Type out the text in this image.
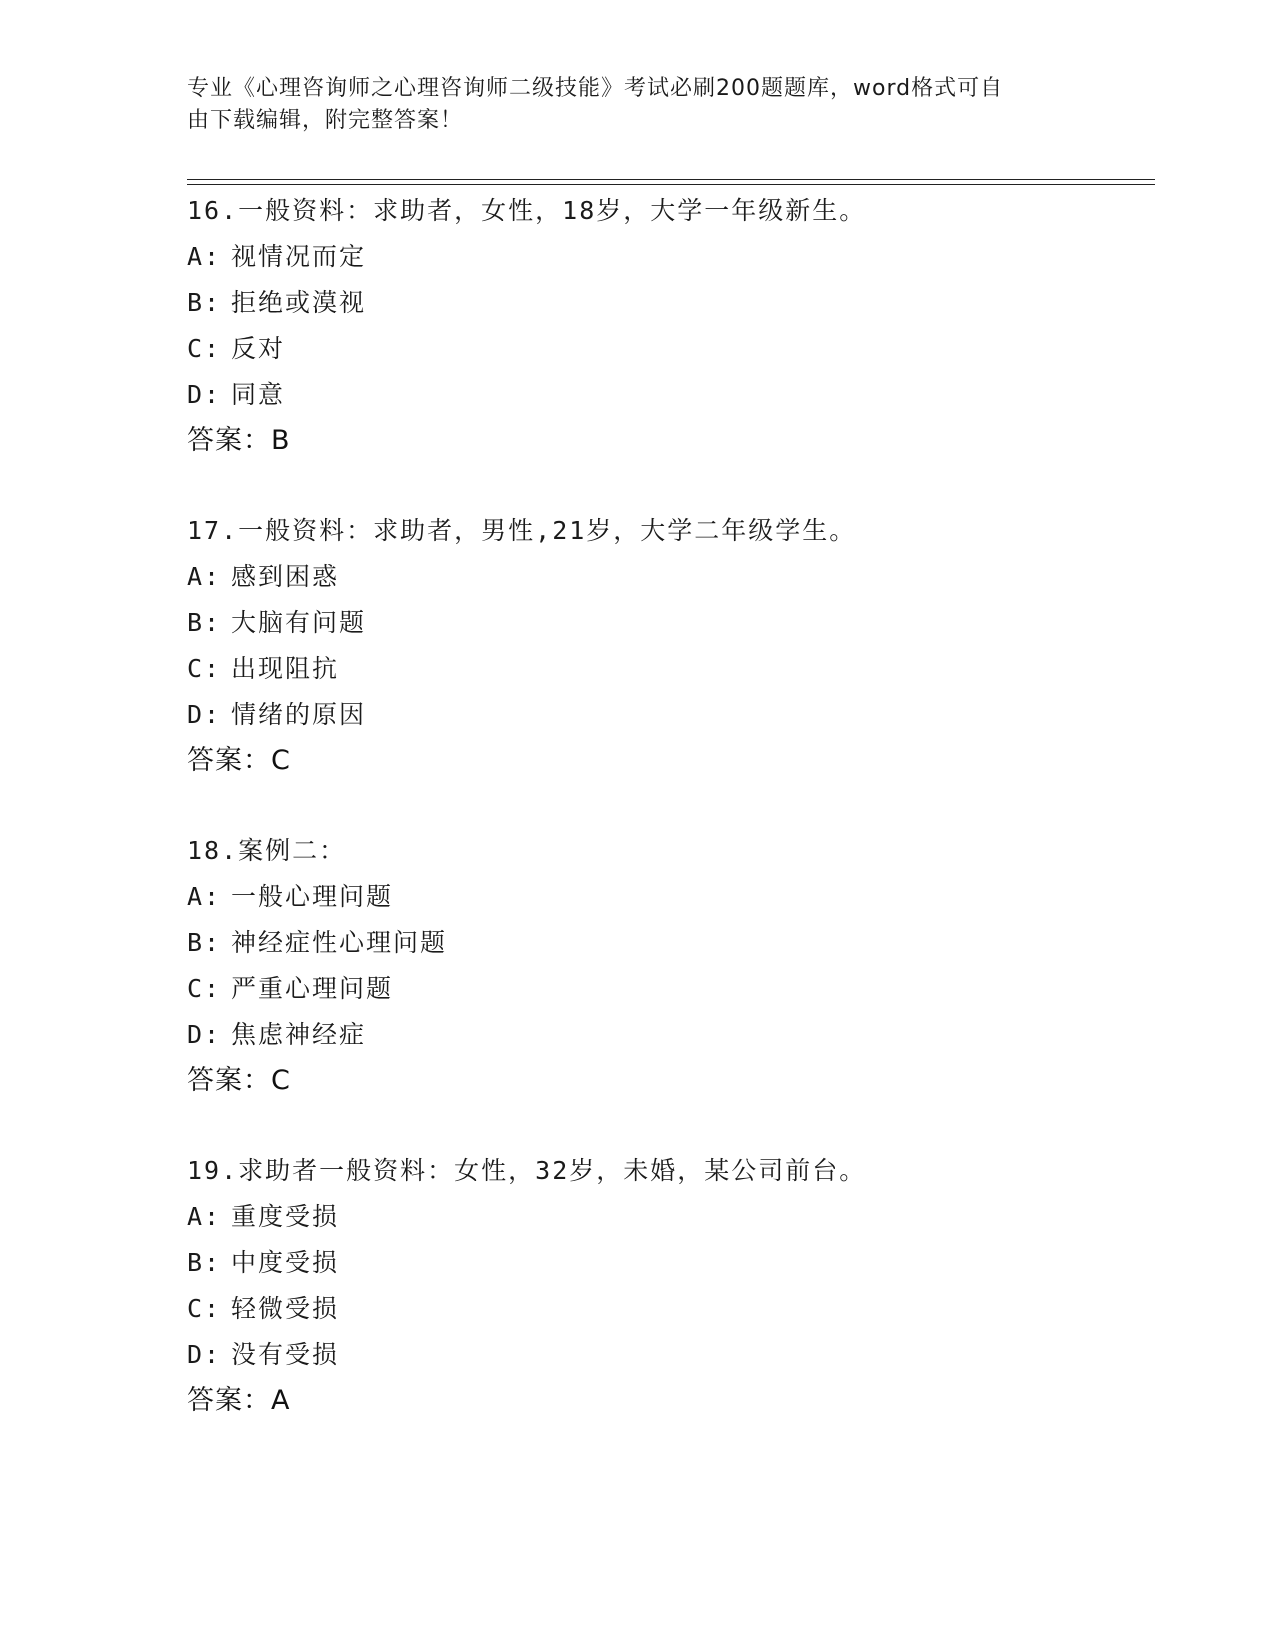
专业《心理咨询师之心理咨询师二级技能》考试必刷200题题库，word格式可自
由下载编辑，附完整答案！
16.一般资料：求助者，女性，18岁，大学一年级新生。
A: 视情况而定
B: 拒绝或漠视
C: 反对
D: 同意
答案：B
17.一般资料：求助者，男性,21岁，大学二年级学生。
A: 感到困惑
B: 大脑有问题
C: 出现阻抗
D: 情绪的原因
答案：C
18.案例二：
A: 一般心理问题
B: 神经症性心理问题
C: 严重心理问题
D: 焦虑神经症
答案：C
19.求助者一般资料：女性，32岁，未婚，某公司前台。
A: 重度受损
B: 中度受损
C: 轻微受损
D: 没有受损
答案：A
